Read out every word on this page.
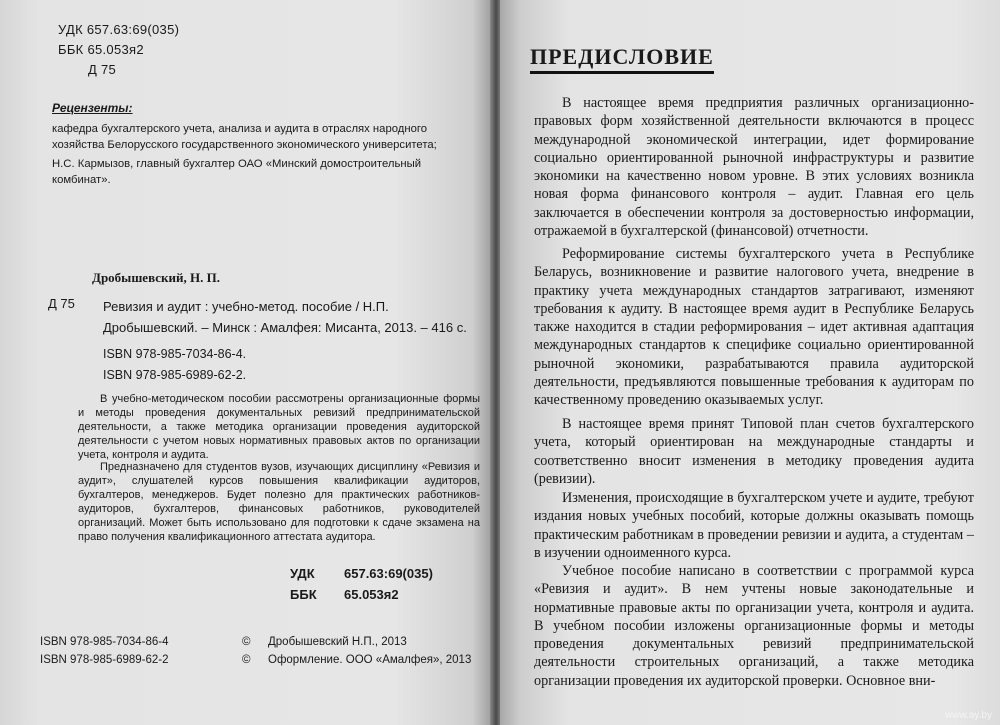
УДК 657.63:69(035)
ББК 65.053я2
Д 75
Рецензенты:
кафедра бухгалтерского учета, анализа и аудита в отраслях народного
хозяйства Белорусского государственного экономического университета;
Н.С. Кармызов, главный бухгалтер ОАО «Минский домостроительный
комбинат».
Дробышевский, Н. П.
Д 75 Ревизия и аудит : учебно-метод. пособие / Н.П. Дробышевский. – Минск : Амалфея: Мисанта, 2013. – 416 с.
ISBN 978-985-7034-86-4.
ISBN 978-985-6989-62-2.
В учебно-методическом пособии рассмотрены организационные формы и методы проведения документальных ревизий предпринимательской деятельности, а также методика организации проведения аудиторской деятельности с учетом новых нормативных правовых актов по организации учета, контроля и аудита.
Предназначено для студентов вузов, изучающих дисциплину «Ревизия и аудит», слушателей курсов повышения квалификации аудиторов, бухгалтеров, менеджеров. Будет полезно для практических работников-аудиторов, бухгалтеров, финансовых работников, руководителей организаций. Может быть использовано для подготовки к сдаче экзамена на право получения квалификационного аттестата аудитора.
УДК 657.63:69(035)
ББК 65.053я2
ISBN 978-985-7034-86-4
ISBN 978-985-6989-62-2
© Дробышевский Н.П., 2013
© Оформление. ООО «Амалфея», 2013
ПРЕДИСЛОВИЕ
В настоящее время предприятия различных организационно-правовых форм хозяйственной деятельности включаются в процесс международной экономической интеграции, идет формирование социально ориентированной рыночной инфраструктуры и развитие экономики на качественно новом уровне. В этих условиях возникла новая форма финансового контроля – аудит. Главная его цель заключается в обеспечении контроля за достоверностью информации, отражаемой в бухгалтерской (финансовой) отчетности.
Реформирование системы бухгалтерского учета в Республике Беларусь, возникновение и развитие налогового учета, внедрение в практику учета международных стандартов затрагивают, изменяют требования к аудиту. В настоящее время аудит в Республике Беларусь также находится в стадии реформирования – идет активная адаптация международных стандартов к специфике социально ориентированной рыночной экономики, разрабатываются правила аудиторской деятельности, предъявляются повышенные требования к аудиторам по качественному проведению оказываемых услуг.
В настоящее время принят Типовой план счетов бухгалтерского учета, который ориентирован на международные стандарты и соответственно вносит изменения в методику проведения аудита (ревизии).
Изменения, происходящие в бухгалтерском учете и аудите, требуют издания новых учебных пособий, которые должны оказывать помощь практическим работникам в проведении ревизии и аудита, а студентам – в изучении одноименного курса.
Учебное пособие написано в соответствии с программой курса «Ревизия и аудит». В нем учтены новые законодательные и нормативные правовые акты по организации учета, контроля и аудита. В учебном пособии изложены организационные формы и методы проведения документальных ревизий предпринимательской деятельности строительных организаций, а также методика организации проведения их аудиторской проверки. Основное вни-
www.ay.by
